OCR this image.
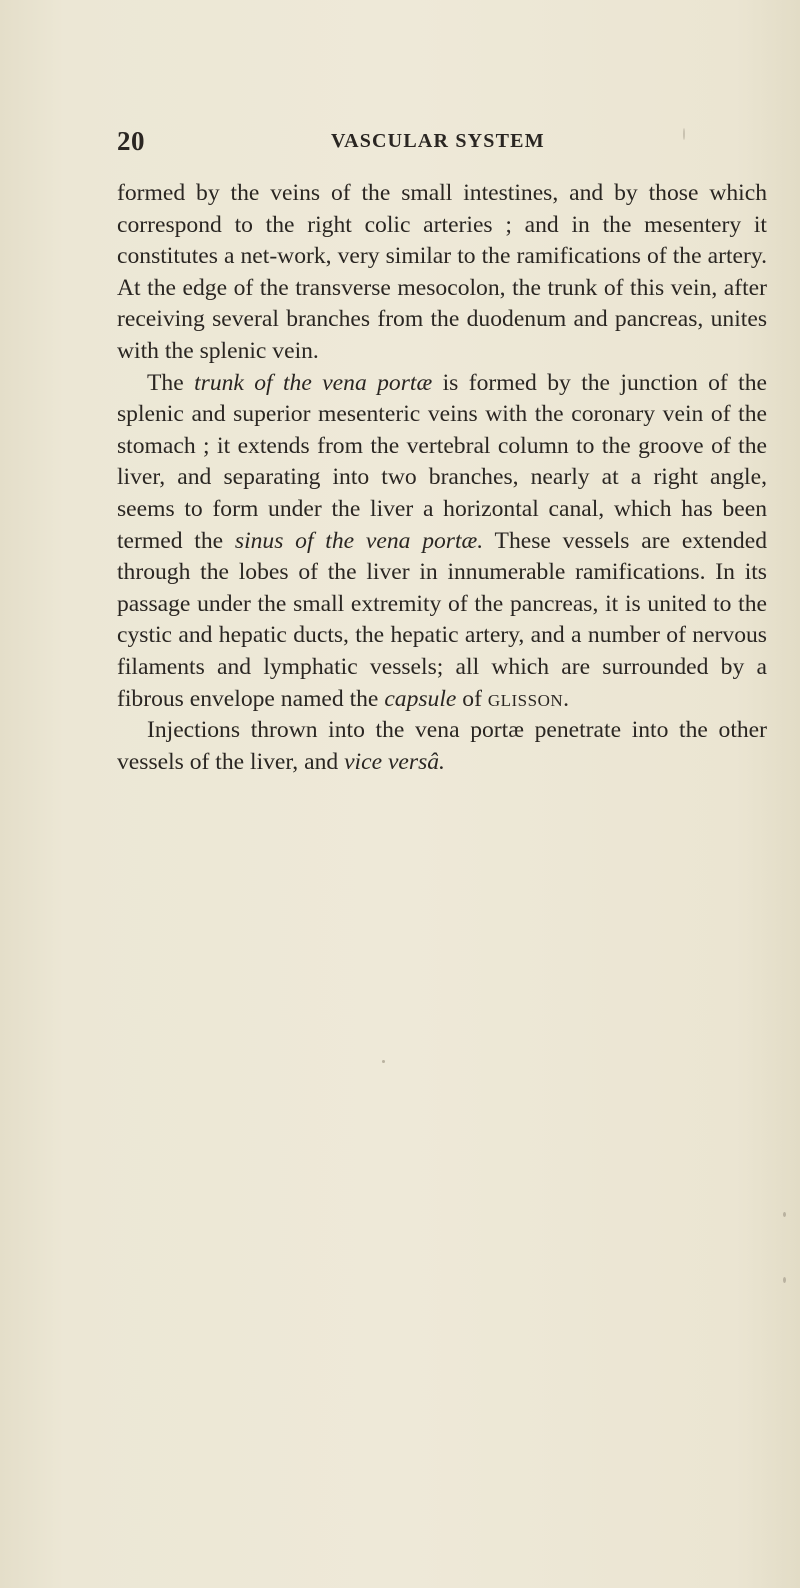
20	VASCULAR SYSTEM

formed by the veins of the small intestines, and by those which correspond to the right colic arteries ; and in the mesentery it constitutes a net-work, very similar to the ramifications of the artery. At the edge of the transverse mesocolon, the trunk of this vein, after receiving several branches from the duodenum and pancreas, unites with the splenic vein.

The trunk of the vena portæ is formed by the junction of the splenic and superior mesenteric veins with the coronary vein of the stomach ; it extends from the vertebral column to the groove of the liver, and separating into two branches, nearly at a right angle, seems to form under the liver a horizontal canal, which has been termed the sinus of the vena portæ. These vessels are extended through the lobes of the liver in innumerable ramifications. In its passage under the small extremity of the pancreas, it is united to the cystic and hepatic ducts, the hepatic artery, and a number of nervous filaments and lymphatic vessels; all which are surrounded by a fibrous envelope named the capsule of glisson.

Injections thrown into the vena portæ penetrate into the other vessels of the liver, and vice versâ.
